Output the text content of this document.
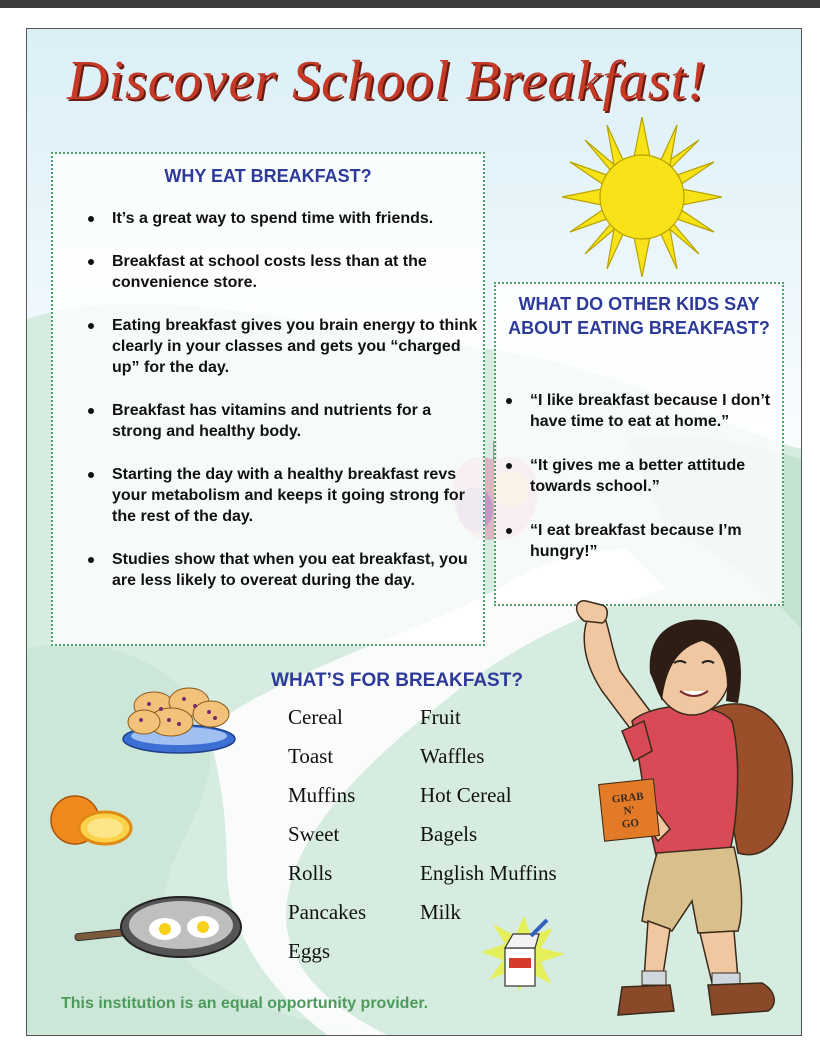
Discover School Breakfast!
WHY EAT BREAKFAST?
It’s a great way to spend time with friends.
Breakfast at school costs less than at the convenience store.
Eating breakfast gives you brain energy to think clearly in your classes and gets you “charged up” for the day.
Breakfast has vitamins and nutrients for a strong and healthy body.
Starting the day with a healthy breakfast revs your metabolism and keeps it going strong for the rest of the day.
Studies show that when you eat breakfast, you are less likely to overeat during the day.
WHAT DO OTHER KIDS SAY ABOUT EATING BREAKFAST?
“I like breakfast because I don’t have time to eat at home.”
“It gives me a better attitude towards school.”
“I eat breakfast because I’m hungry!”
WHAT’S FOR BREAKFAST?
Cereal	Fruit
Toast	Waffles
Muffins	Hot Cereal
Sweet	Bagels
Rolls	English Muffins
Pancakes	Milk
Eggs
GRAB
N'
GO
This institution is an equal opportunity provider.
